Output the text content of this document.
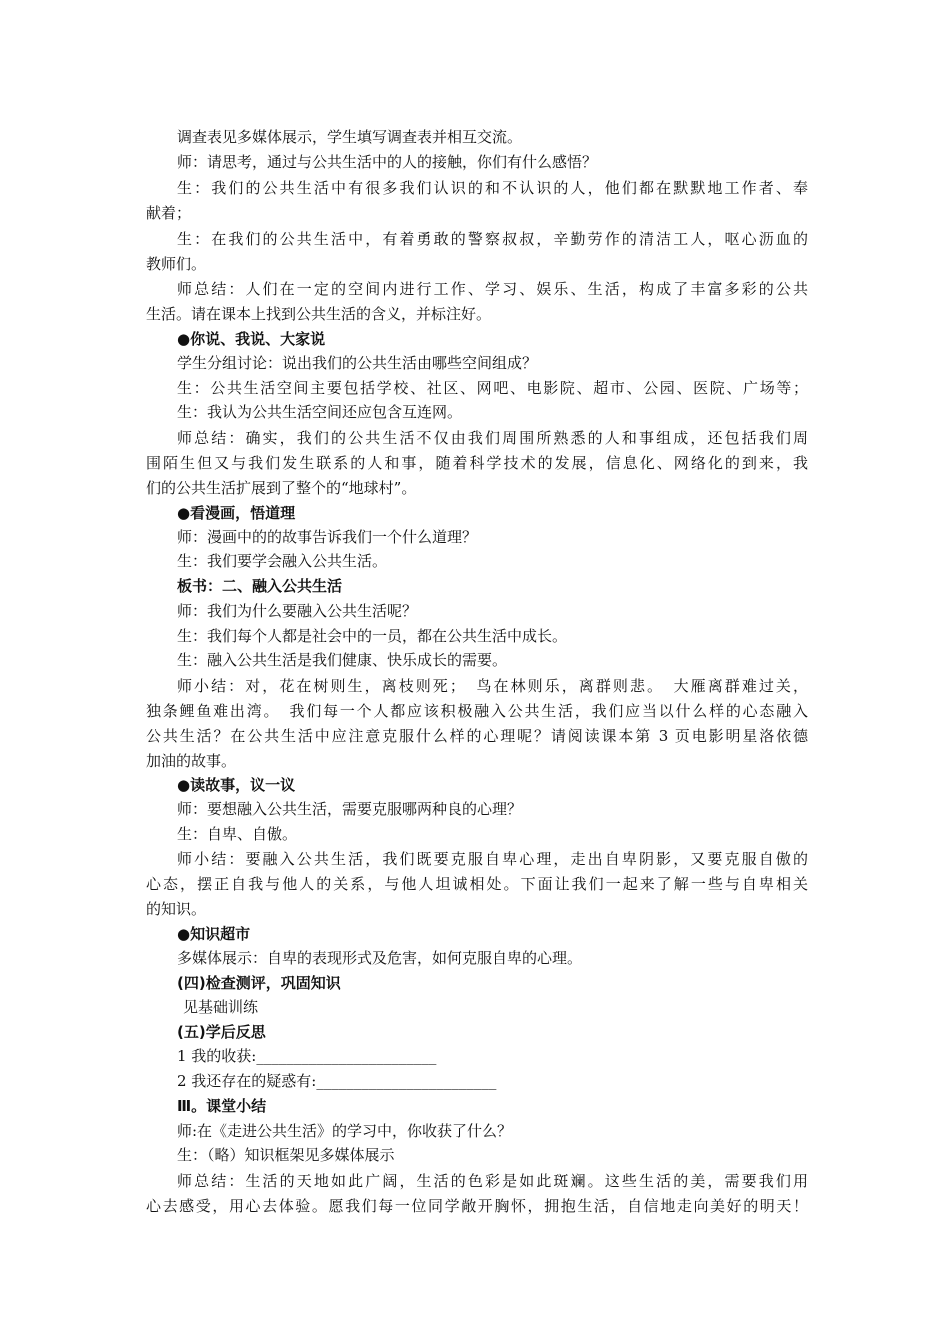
调查表见多媒体展示，学生填写调查表并相互交流。
师：请思考，通过与公共生活中的人的接触，你们有什么感悟？
生：我们的公共生活中有很多我们认识的和不认识的人，他们都在默默地工作者、奉
献着；
生：在我们的公共生活中，有着勇敢的警察叔叔，辛勤劳作的清洁工人，呕心沥血的
教师们。
师总结：人们在一定的空间内进行工作、学习、娱乐、生活，构成了丰富多彩的公共
生活。请在课本上找到公共生活的含义，并标注好。
●你说、我说、大家说
学生分组讨论：说出我们的公共生活由哪些空间组成？
生：公共生活空间主要包括学校、社区、网吧、电影院、超市、公园、医院、广场等；
生：我认为公共生活空间还应包含互连网。
师总结：确实，我们的公共生活不仅由我们周围所熟悉的人和事组成，还包括我们周
围陌生但又与我们发生联系的人和事，随着科学技术的发展，信息化、网络化的到来，我
们的公共生活扩展到了整个的“地球村”。
●看漫画，悟道理
师：漫画中的的故事告诉我们一个什么道理？
生：我们要学会融入公共生活。
板书：二、融入公共生活
师：我们为什么要融入公共生活呢？
生：我们每个人都是社会中的一员，都在公共生活中成长。
生：融入公共生活是我们健康、快乐成长的需要。
师小结：对，花在树则生，离枝则死；　鸟在林则乐，离群则悲。　大雁离群难过关，
独条鲤鱼难出湾。　我们每一个人都应该积极融入公共生活，我们应当以什么样的心态融入
公共生活？在公共生活中应注意克服什么样的心理呢？请阅读课本第 3 页电影明星洛依德
加油的故事。
●读故事，议一议
师：要想融入公共生活，需要克服哪两种良的心理？
生：自卑、自傲。
师小结：要融入公共生活，我们既要克服自卑心理，走出自卑阴影，又要克服自傲的
心态，摆正自我与他人的关系，与他人坦诚相处。下面让我们一起来了解一些与自卑相关
的知识。
●知识超市
多媒体展示：自卑的表现形式及危害，如何克服自卑的心理。
(四)检查测评，巩固知识
见基础训练
(五)学后反思
1 我的收获:________________________
2 我还存在的疑惑有:________________________
Ⅲ。课堂小结
师:在《走进公共生活》的学习中，你收获了什么？
生：（略）知识框架见多媒体展示
师总结：生活的天地如此广阔，生活的色彩是如此斑斓。这些生活的美，需要我们用
心去感受，用心去体验。愿我们每一位同学敞开胸怀，拥抱生活，自信地走向美好的明天！
